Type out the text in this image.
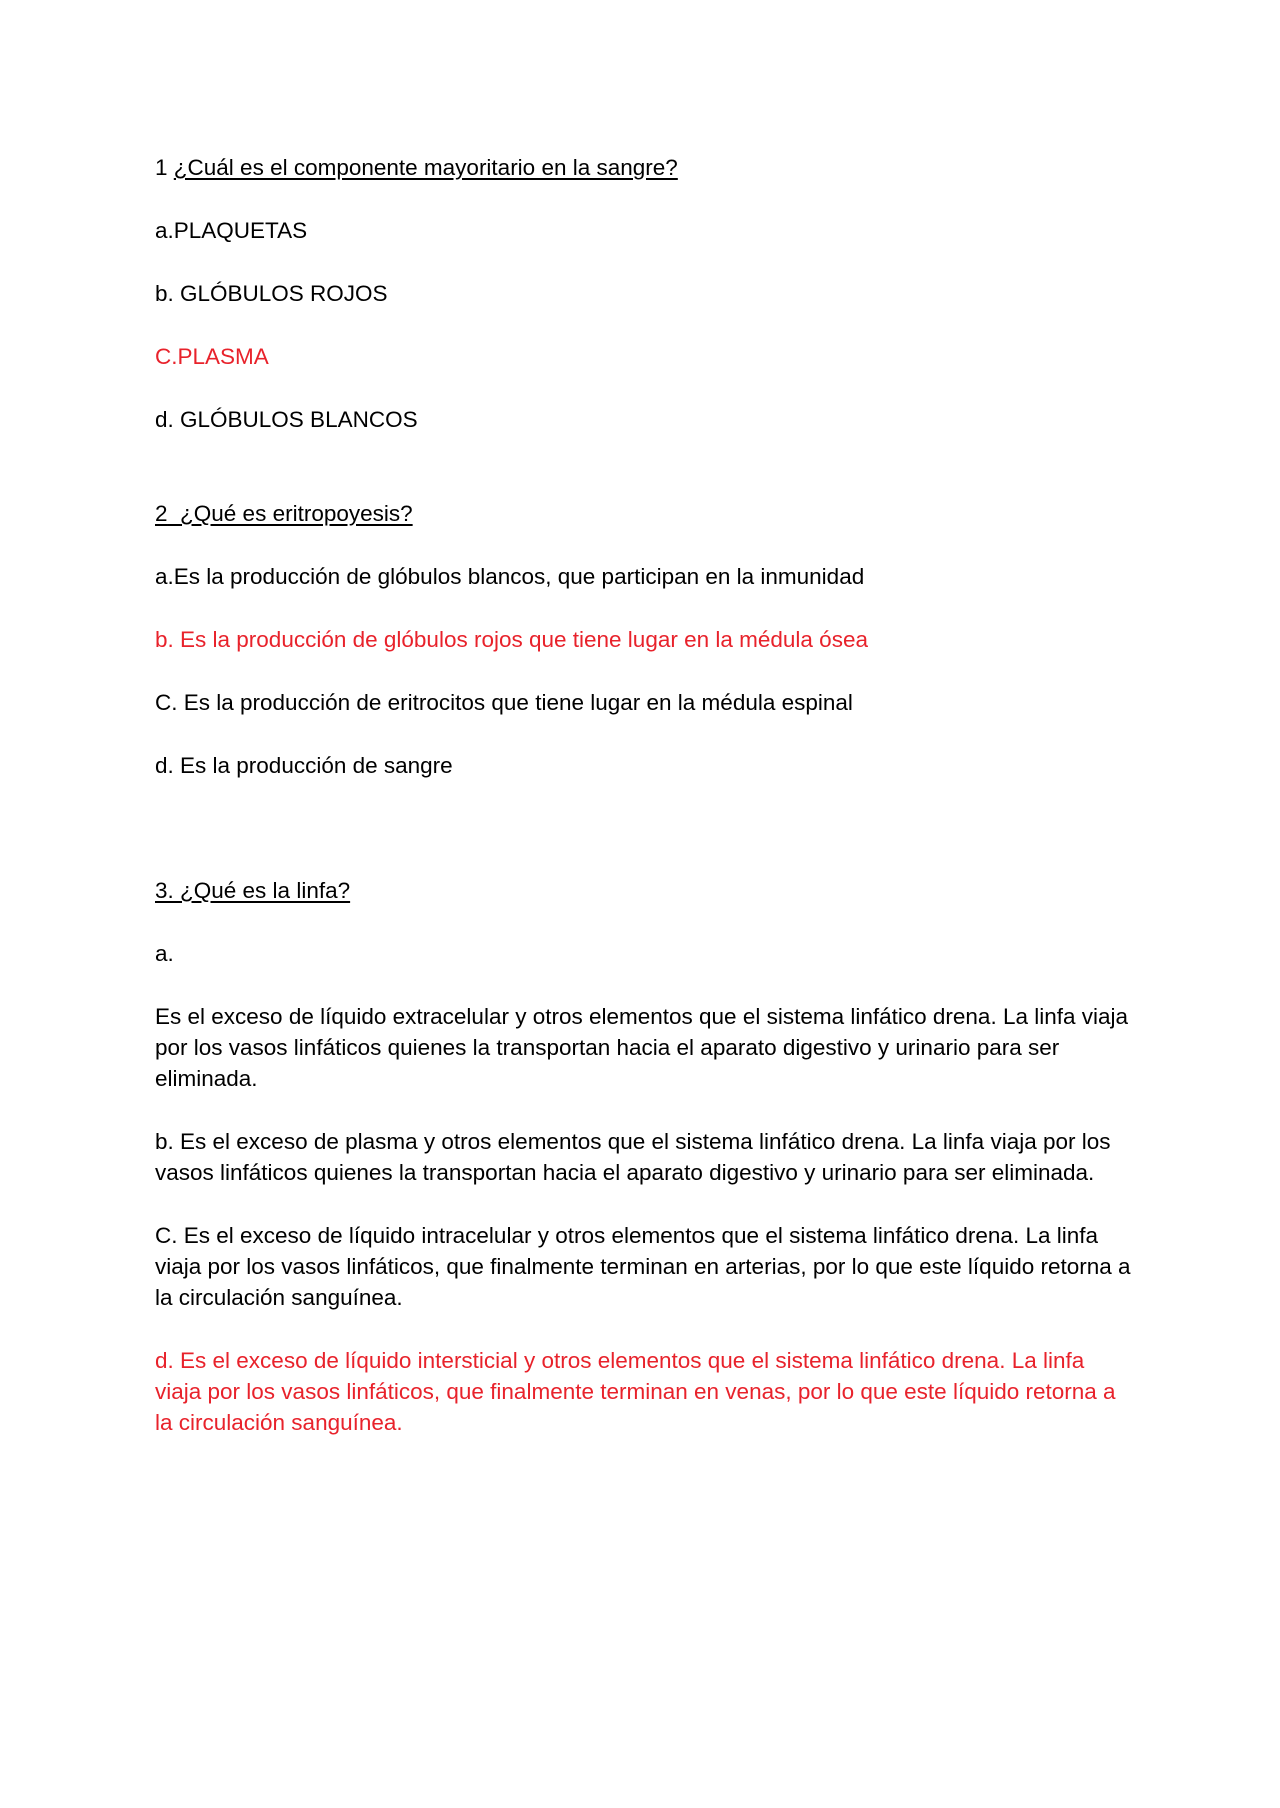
1 ¿Cuál es el componente mayoritario en la sangre?

a.PLAQUETAS

b. GLÓBULOS ROJOS

C.PLASMA

d. GLÓBULOS BLANCOS

2 ¿Qué es eritropoyesis?

a.Es la producción de glóbulos blancos, que participan en la inmunidad

b. Es la producción de glóbulos rojos que tiene lugar en la médula ósea

C. Es la producción de eritrocitos que tiene lugar en la médula espinal

d. Es la producción de sangre

3. ¿Qué es la linfa?

a.

Es el exceso de líquido extracelular y otros elementos que el sistema linfático drena. La linfa viaja por los vasos linfáticos quienes la transportan hacia el aparato digestivo y urinario para ser eliminada.

b. Es el exceso de plasma y otros elementos que el sistema linfático drena. La linfa viaja por los vasos linfáticos quienes la transportan hacia el aparato digestivo y urinario para ser eliminada.

C. Es el exceso de líquido intracelular y otros elementos que el sistema linfático drena. La linfa viaja por los vasos linfáticos, que finalmente terminan en arterias, por lo que este líquido retorna a la circulación sanguínea.

d. Es el exceso de líquido intersticial y otros elementos que el sistema linfático drena. La linfa viaja por los vasos linfáticos, que finalmente terminan en venas, por lo que este líquido retorna a la circulación sanguínea.
